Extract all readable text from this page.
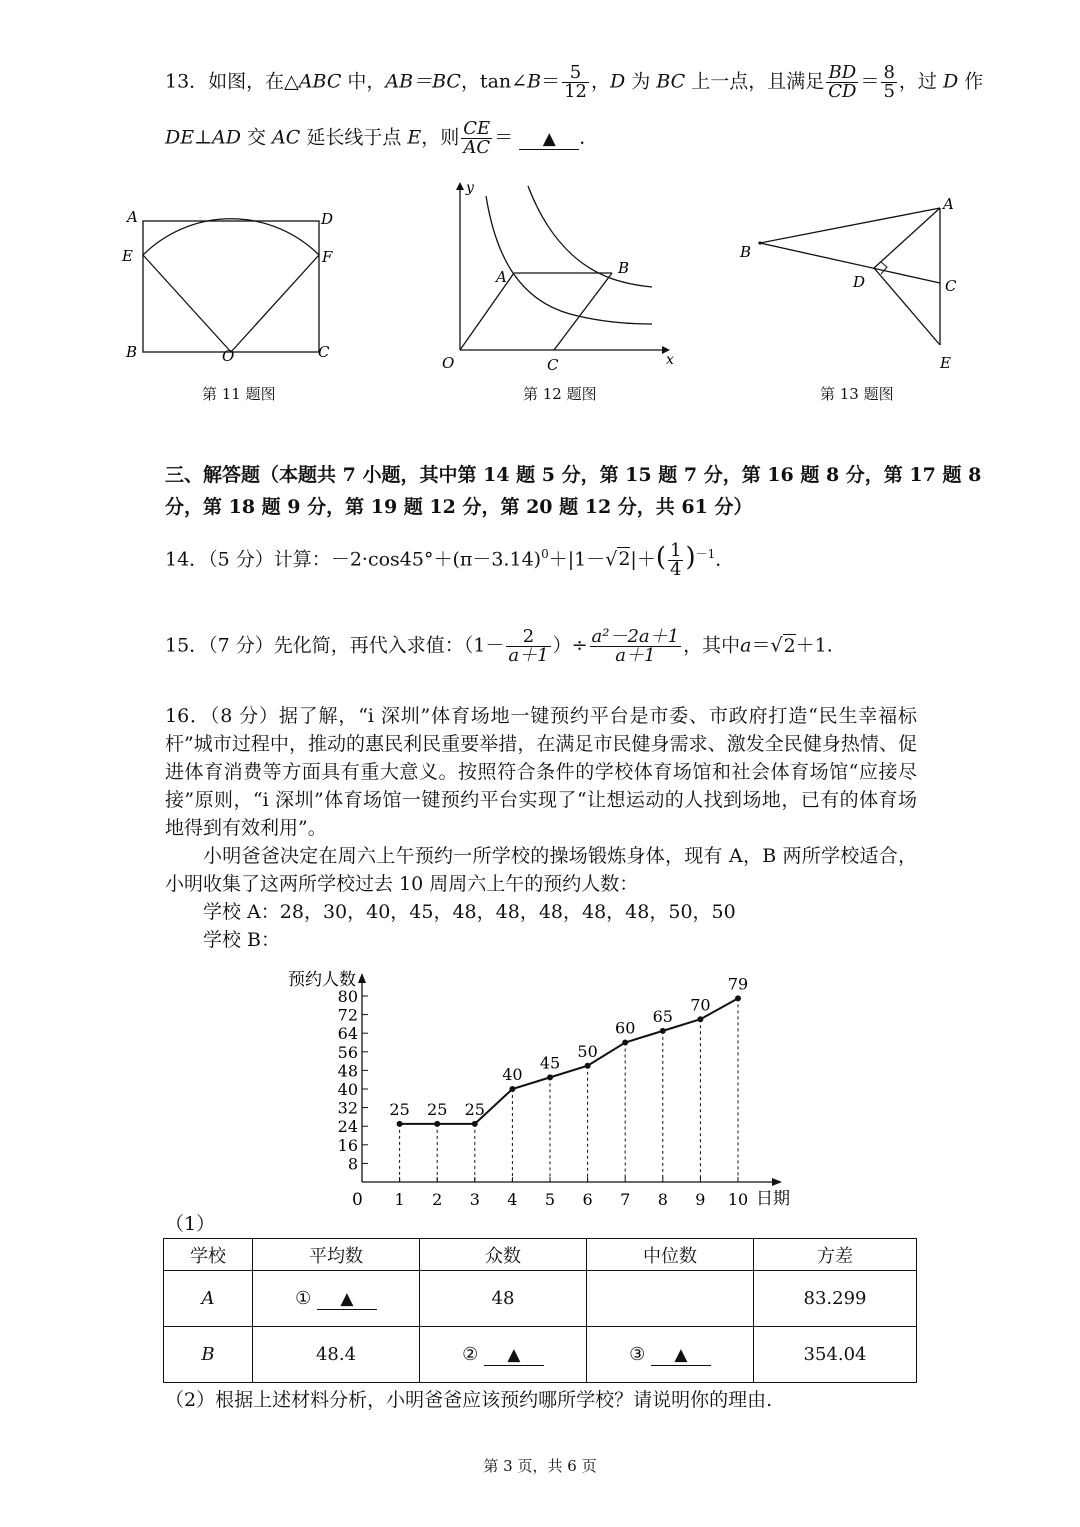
13．如图，在△ABC 中，AB＝BC，tan∠B＝ $\frac{5}{12}$ ，D 为 BC 上一点，且满足 $\frac{BD}{CD} = \frac{8}{5}$ ，过 D 作
DE⊥AD 交 AC 延长线于点 E，则 $\frac{CE}{AC}$ ＝ ▲ ．
A	D
E	F
B	O	C
第 11 题图
y
x
O
A	B
C
第 12 题图
A
B
C
D
E
第 13 题图
三、解答题（本题共 7 小题，其中第 14 题 5 分，第 15 题 7 分，第 16 题 8 分，第 17 题 8
分，第 18 题 9 分，第 19 题 12 分，第 20 题 12 分，共 61 分）
14．（5 分）计算：$-2\cdot\cos 45^\circ+(\pi-3.14)^0+|1-√2|+( \frac{1}{4} )^{-1}$．
15．（7 分）先化简，再代入求值：（$1- \frac{2}{a+1}$ ）÷ $\frac{\text{a²－2a＋1}}{a+1}$ ，其中a＝√2＋1.

16．（8 分）据了解，“i 深圳”体育场地一键预约平台是市委、市政府打造“民生幸福标杆”城市过程中，推动的惠民利民重要举措，在满足市民健身需求、激发全民健身热情、促进体育消费等方面具有重大意义。按照符合条件的学校体育场馆和社会体育场馆“应接尽接”原则，“i 深圳”体育场馆一键预约平台实现了“让想运动的人找到场地，已有的体育场地得到有效利用”。

小明爸爸决定在周六上午预约一所学校的操场锻炼身体，现有 A，B 两所学校适合，小明收集了这两所学校过去 10 周周六上午的预约人数：

学校 A：28，30，40，45，48，48，48，48，48，50，50

学校 B：

8
16
24
32
40
48
56
64
72
80
1 2 3 4 5 6 7 8 9 10
25 25 25
40
45
50
60
65
70
79
预约人数
日期
0
（1）
学校	平均数	众数	中位数	方差
A	① ▲	48		83.299
B	48.4	② ▲	③ ▲	354.04
（2）根据上述材料分析，小明爸爸应该预约哪所学校？请说明你的理由.
第 3 页，共 6 页
